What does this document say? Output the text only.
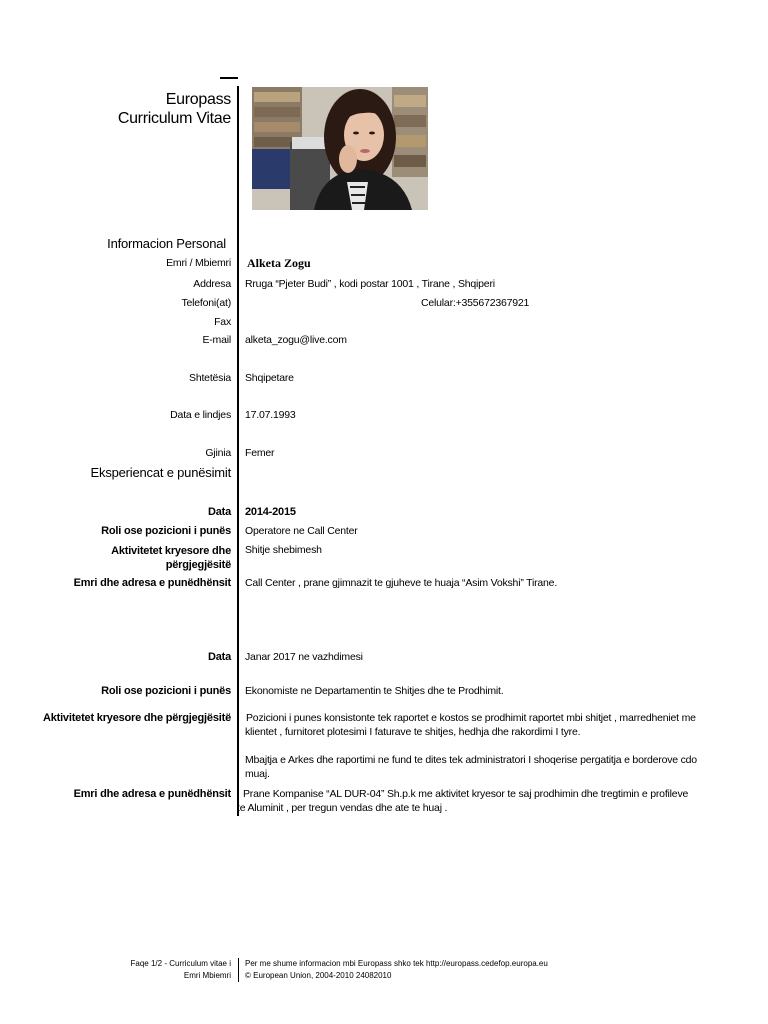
Europass
Curriculum Vitae
Informacion Personal
Emri / Mbiemri Alketa Zogu
Addresa Rruga “Pjeter Budi” , kodi postar 1001 , Tirane , Shqiperi
Telefoni(at)	Celular:+355672367921
Fax
E-mail alketa_zogu@live.com
Shtetësia Shqipetare
Data e lindjes 17.07.1993
Gjinia Femer
Eksperiencat e punësimit
Data 2014-2015
Roli ose pozicioni i punës Operatore ne Call Center
Aktivitetet kryesore dhe
përgjegjësitë
Shitje shebimesh
Emri dhe adresa e punëdhënsit Call Center , prane gjimnazit te gjuheve te huaja “Asim Vokshi” Tirane.
Data Janar 2017 ne vazhdimesi
Roli ose pozicioni i punës Ekonomiste ne Departamentin te Shitjes dhe te Prodhimit.
Aktivitetet kryesore dhe përgjegjësitë Pozicioni i punes konsistonte tek raportet e kostos se prodhimit raportet mbi shitjet , marredheniet me
klientet , furnitoret plotesimi I faturave te shitjes, hedhja dhe rakordimi I tyre.
Mbajtja e Arkes dhe raportimi ne fund te dites tek administratori I shoqerise pergatitja e borderove cdo
muaj.
Emri dhe adresa e punëdhënsit Prane Kompanise “AL DUR-04” Sh.p.k me aktivitet kryesor te saj prodhimin dhe tregtimin e profileve
te Aluminit , per tregun vendas dhe ate te huaj .
Faqe 1/2 - Curriculum vitae i
Emri Mbiemri
Per me shume informacion mbi Europass shko tek http://europass.cedefop.europa.eu
© European Union, 2004-2010 24082010
